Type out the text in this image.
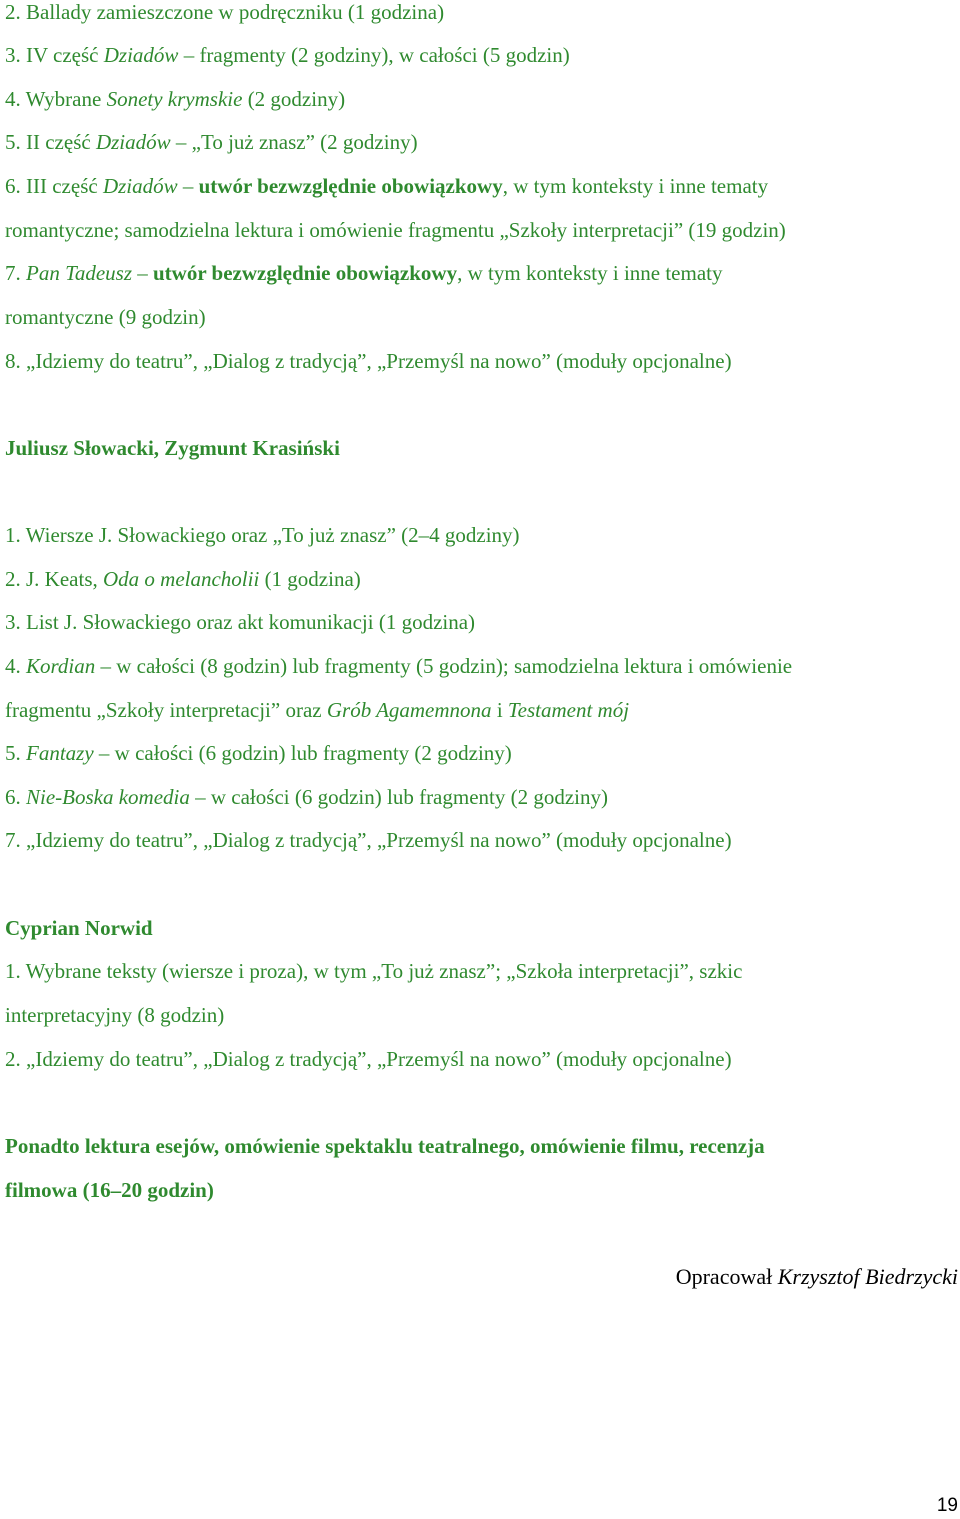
2. Ballady zamieszczone w podręczniku (1 godzina)
3. IV część Dziadów – fragmenty (2 godziny), w całości (5 godzin)
4. Wybrane Sonety krymskie (2 godziny)
5. II część Dziadów – „To już znasz” (2 godziny)
6. III część Dziadów – utwór bezwzględnie obowiązkowy, w tym konteksty i inne tematy
romantyczne; samodzielna lektura i omówienie fragmentu „Szkoły interpretacji” (19 godzin)
7. Pan Tadeusz – utwór bezwzględnie obowiązkowy, w tym konteksty i inne tematy
romantyczne (9 godzin)
8. „Idziemy do teatru”, „Dialog z tradycją”, „Przemyśl na nowo” (moduły opcjonalne)
Juliusz Słowacki, Zygmunt Krasiński
1. Wiersze J. Słowackiego oraz „To już znasz” (2–4 godziny)
2. J. Keats, Oda o melancholii (1 godzina)
3. List J. Słowackiego oraz akt komunikacji (1 godzina)
4. Kordian – w całości (8 godzin) lub fragmenty (5 godzin); samodzielna lektura i omówienie
fragmentu „Szkoły interpretacji” oraz Grób Agamemnona i Testament mój
5. Fantazy – w całości (6 godzin) lub fragmenty (2 godziny)
6. Nie-Boska komedia – w całości (6 godzin) lub fragmenty (2 godziny)
7. „Idziemy do teatru”, „Dialog z tradycją”, „Przemyśl na nowo” (moduły opcjonalne)
Cyprian Norwid
1. Wybrane teksty (wiersze i proza), w tym „To już znasz”; „Szkoła interpretacji”, szkic
interpretacyjny (8 godzin)
2. „Idziemy do teatru”, „Dialog z tradycją”, „Przemyśl na nowo” (moduły opcjonalne)
Ponadto lektura esejów, omówienie spektaklu teatralnego, omówienie filmu, recenzja
filmowa (16–20 godzin)
Opracował Krzysztof Biedrzycki
19
